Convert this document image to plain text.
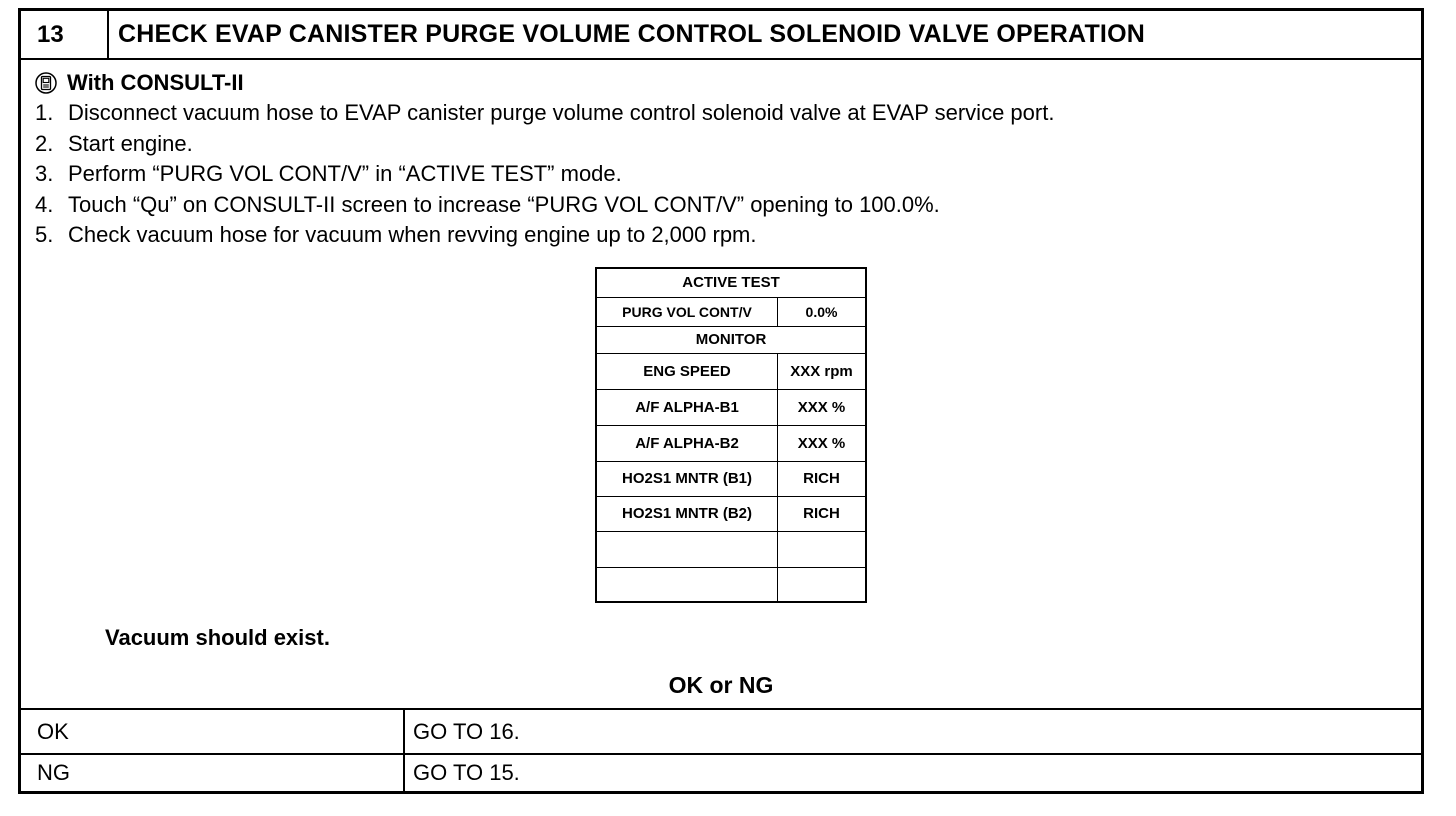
13	CHECK EVAP CANISTER PURGE VOLUME CONTROL SOLENOID VALVE OPERATION
With CONSULT-II
1. Disconnect vacuum hose to EVAP canister purge volume control solenoid valve at EVAP service port.
2. Start engine.
3. Perform “PURG VOL CONT/V” in “ACTIVE TEST” mode.
4. Touch “Qu” on CONSULT-II screen to increase “PURG VOL CONT/V” opening to 100.0%.
5. Check vacuum hose for vacuum when revving engine up to 2,000 rpm.
ACTIVE TEST	
PURG VOL CONT/V	0.0%
MONITOR	
ENG SPEED	XXX rpm
A/F ALPHA-B1	XXX %
A/F ALPHA-B2	XXX %
HO2S1 MNTR (B1)	RICH
HO2S1 MNTR (B2)	RICH

Vacuum should exist.
OK or NG
OK	GO TO 16.
NG	GO TO 15.
